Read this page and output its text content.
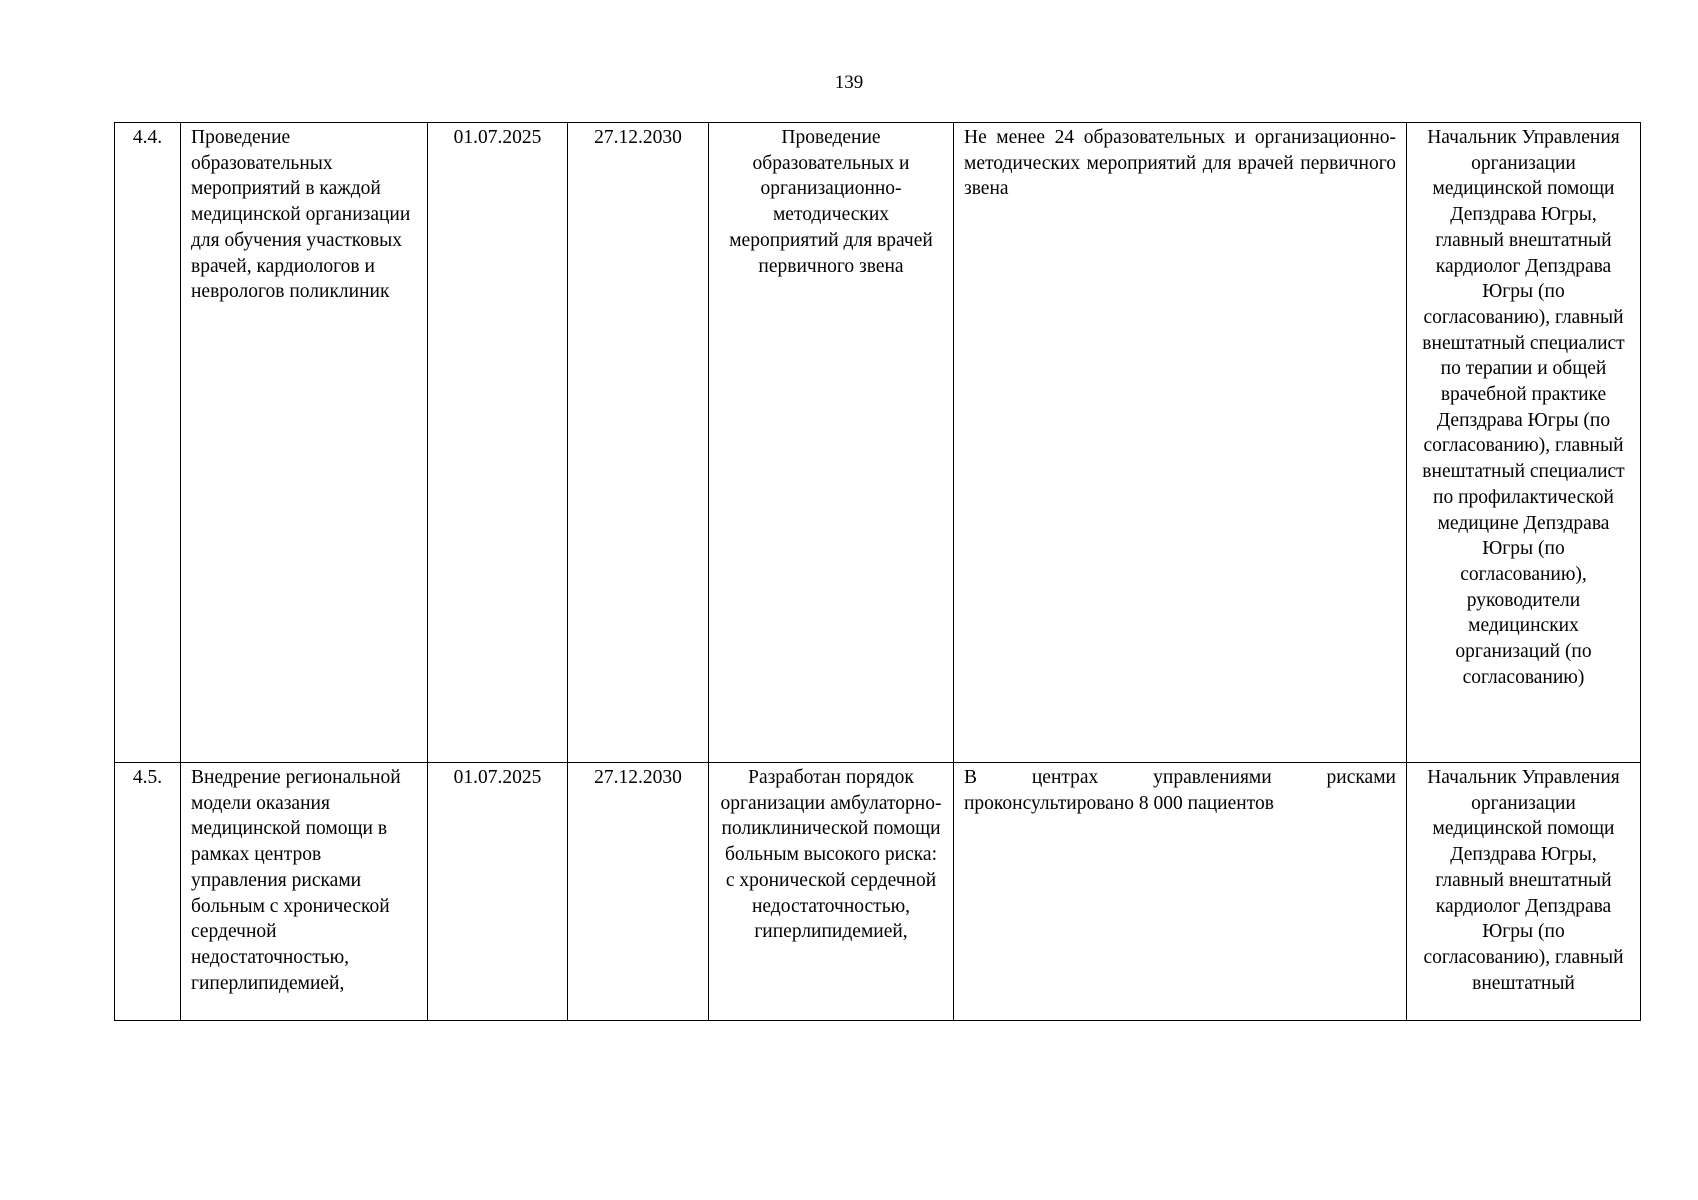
139
4.4.	Проведение образовательных мероприятий в каждой медицинской организации для обучения участковых врачей, кардиологов и неврологов поликлиник	01.07.2025	27.12.2030	Проведение образовательных и организационно-методических мероприятий для врачей первичного звена	Не менее 24 образовательных и организационно-методических мероприятий для врачей первичного звена	Начальник Управления организации медицинской помощи Депздрава Югры, главный внештатный кардиолог Депздрава Югры (по согласованию), главный внештатный специалист по терапии и общей врачебной практике Депздрава Югры (по согласованию), главный внештатный специалист по профилактической медицине Депздрава Югры (по согласованию), руководители медицинских организаций (по согласованию)

4.5.	Внедрение региональной модели оказания медицинской помощи в рамках центров управления рисками больным с хронической сердечной недостаточностью, гиперлипидемией,	01.07.2025	27.12.2030	Разработан порядок организации амбулаторно-поликлинической помощи больным высокого риска: с хронической сердечной недостаточностью, гиперлипидемией,	В центрах управлениями рисками проконсультировано 8 000 пациентов	Начальник Управления организации медицинской помощи Депздрава Югры, главный внештатный кардиолог Депздрава Югры (по согласованию), главный внештатный
